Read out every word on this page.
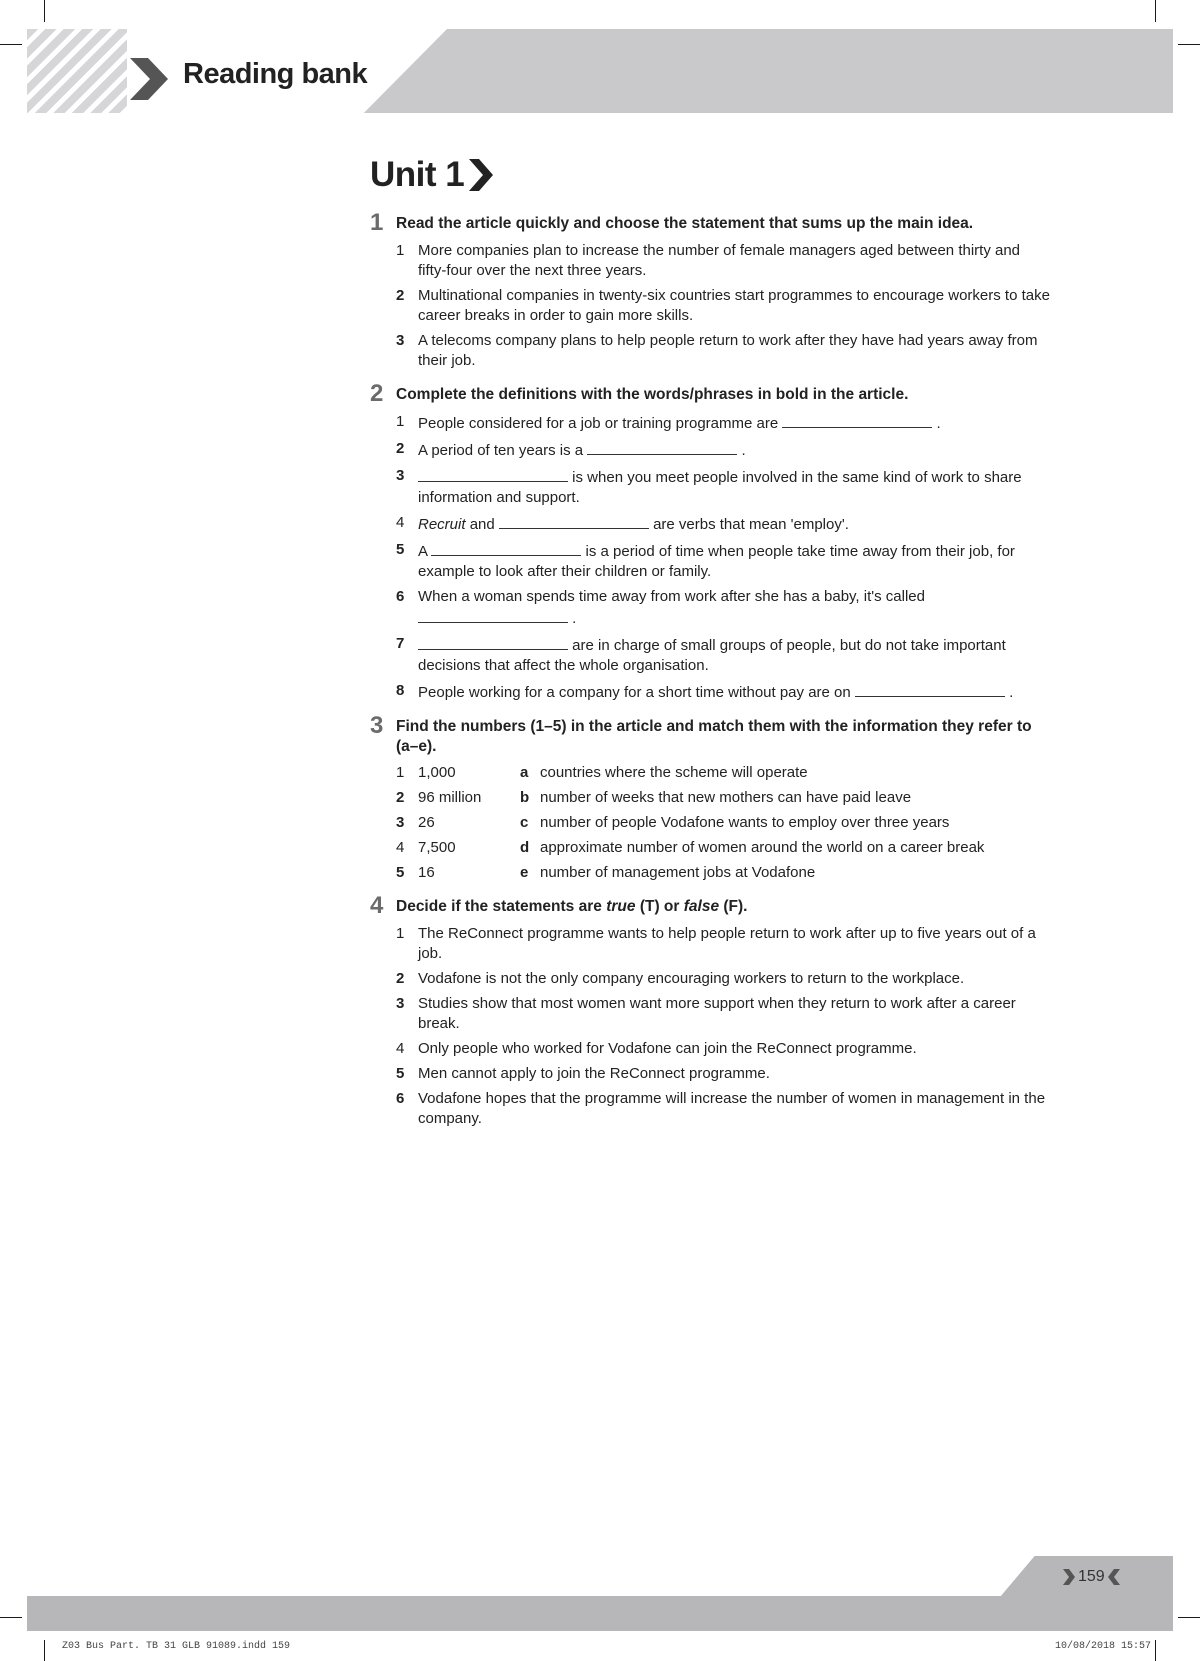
Reading bank
Unit 1
1 Read the article quickly and choose the statement that sums up the main idea.
1 More companies plan to increase the number of female managers aged between thirty and fifty-four over the next three years.
2 Multinational companies in twenty-six countries start programmes to encourage workers to take career breaks in order to gain more skills.
3 A telecoms company plans to help people return to work after they have had years away from their job.
2 Complete the definitions with the words/phrases in bold in the article.
1 People considered for a job or training programme are	.
2 A period of ten years is a	.
3	is when you meet people involved in the same kind of work to share information and support.
4 Recruit and	are verbs that mean 'employ'.
5 A	is a period of time when people take time away from their job, for example to look after their children or family.
6 When a woman spends time away from work after she has a baby, it's called  .
7	are in charge of small groups of people, but do not take important decisions that affect the whole organisation.
8 People working for a company for a short time without pay are on	.
3 Find the numbers (1–5) in the article and match them with the information they refer to (a–e).
1 1,000	a countries where the scheme will operate
2 96 million	b number of weeks that new mothers can have paid leave
3 26	c number of people Vodafone wants to employ over three years
4 7,500	d approximate number of women around the world on a career break
5 16	e number of management jobs at Vodafone
4 Decide if the statements are true (T) or false (F).
1 The ReConnect programme wants to help people return to work after up to five years out of a job.
2 Vodafone is not the only company encouraging workers to return to the workplace.
3 Studies show that most women want more support when they return to work after a career break.
4 Only people who worked for Vodafone can join the ReConnect programme.
5 Men cannot apply to join the ReConnect programme.
6 Vodafone hopes that the programme will increase the number of women in management in the company.
159
Z03 Bus Part. TB 31 GLB 91089.indd 159	10/08/2018 15:57
